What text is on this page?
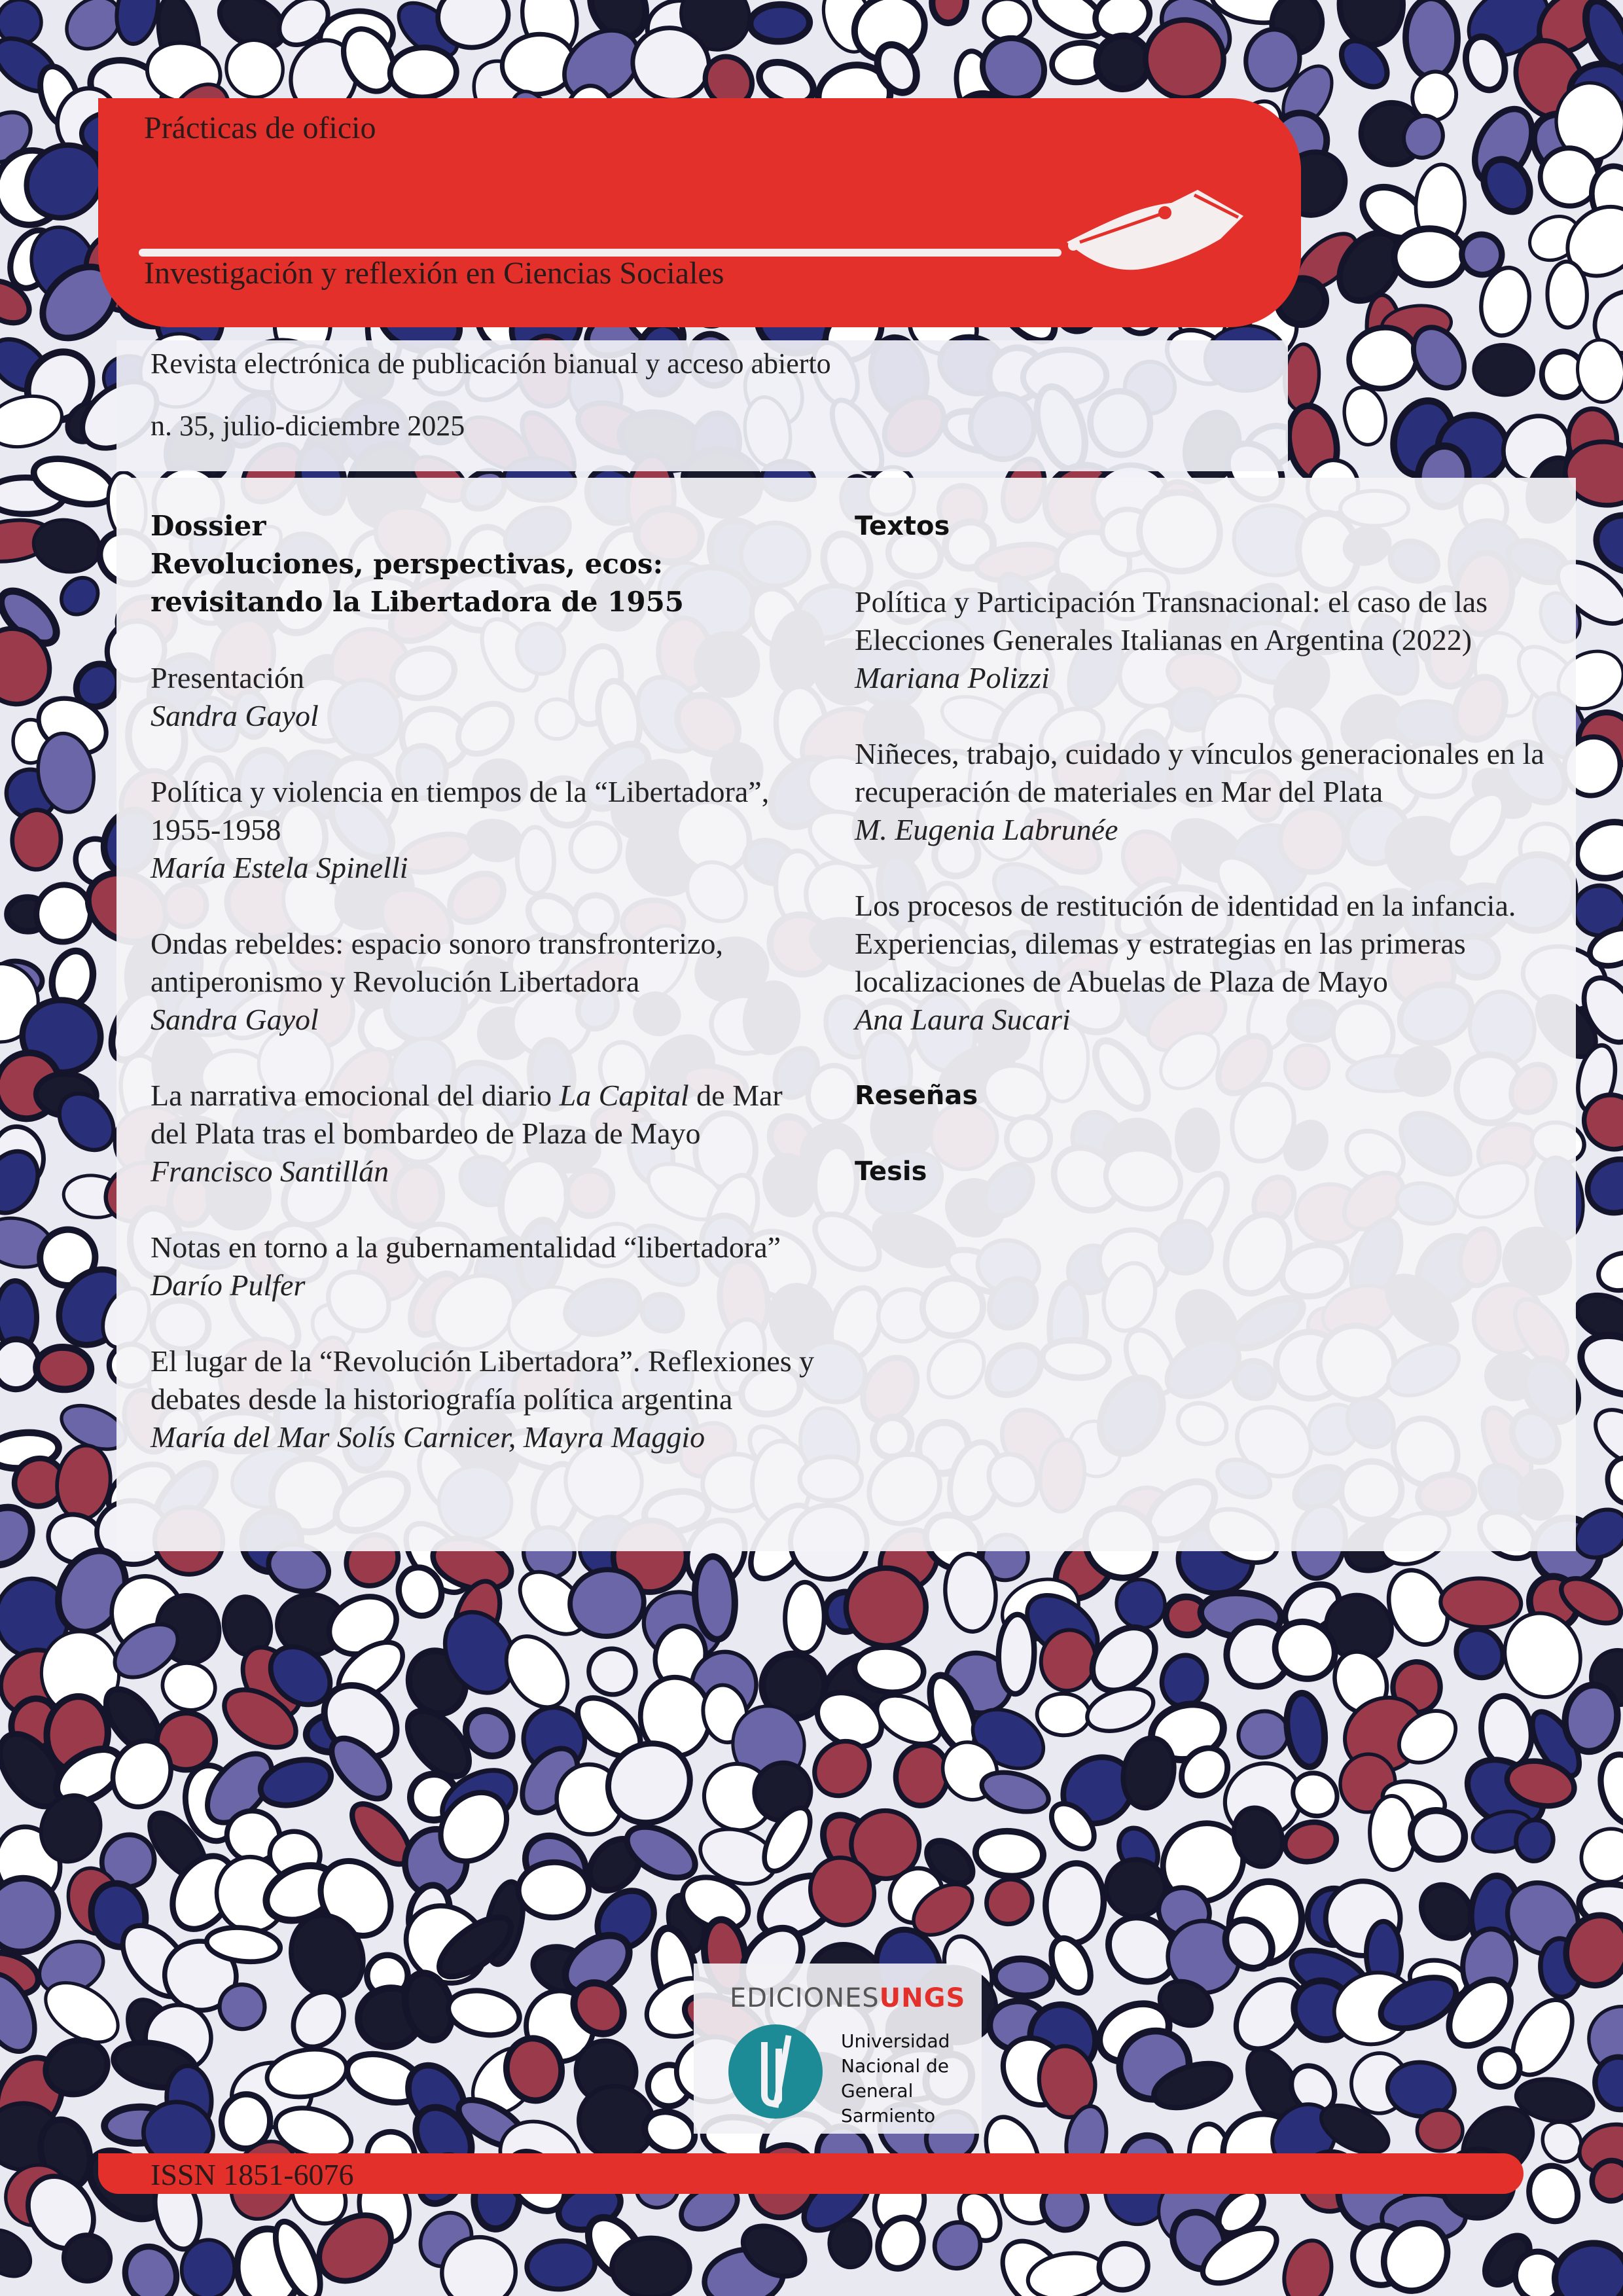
Prácticas de oficio
Investigación y reflexión en Ciencias Sociales
Revista electrónica de publicación bianual y acceso abierto
n. 35, julio-diciembre 2025
Dossier
Revoluciones, perspectivas, ecos: revisitando la Libertadora de 1955
Presentación
Sandra Gayol
Política y violencia en tiempos de la “Libertadora”, 1955-1958
María Estela Spinelli
Ondas rebeldes: espacio sonoro transfronterizo, antiperonismo y Revolución Libertadora
Sandra Gayol
La narrativa emocional del diario La Capital de Mar del Plata tras el bombardeo de Plaza de Mayo
Francisco Santillán
Notas en torno a la gubernamentalidad “libertadora”
Darío Pulfer
El lugar de la “Revolución Libertadora”. Reflexiones y debates desde la historiografía política argentina
María del Mar Solís Carnicer, Mayra Maggio
Textos
Política y Participación Transnacional: el caso de las Elecciones Generales Italianas en Argentina (2022)
Mariana Polizzi
Niñeces, trabajo, cuidado y vínculos generacionales en la recuperación de materiales en Mar del Plata
M. Eugenia Labrunée
Los procesos de restitución de identidad en la infancia. Experiencias, dilemas y estrategias en las primeras localizaciones de Abuelas de Plaza de Mayo
Ana Laura Sucari
Reseñas
Tesis
EDICIONESUNGS
Universidad
Nacional de
General
Sarmiento
ISSN 1851-6076
